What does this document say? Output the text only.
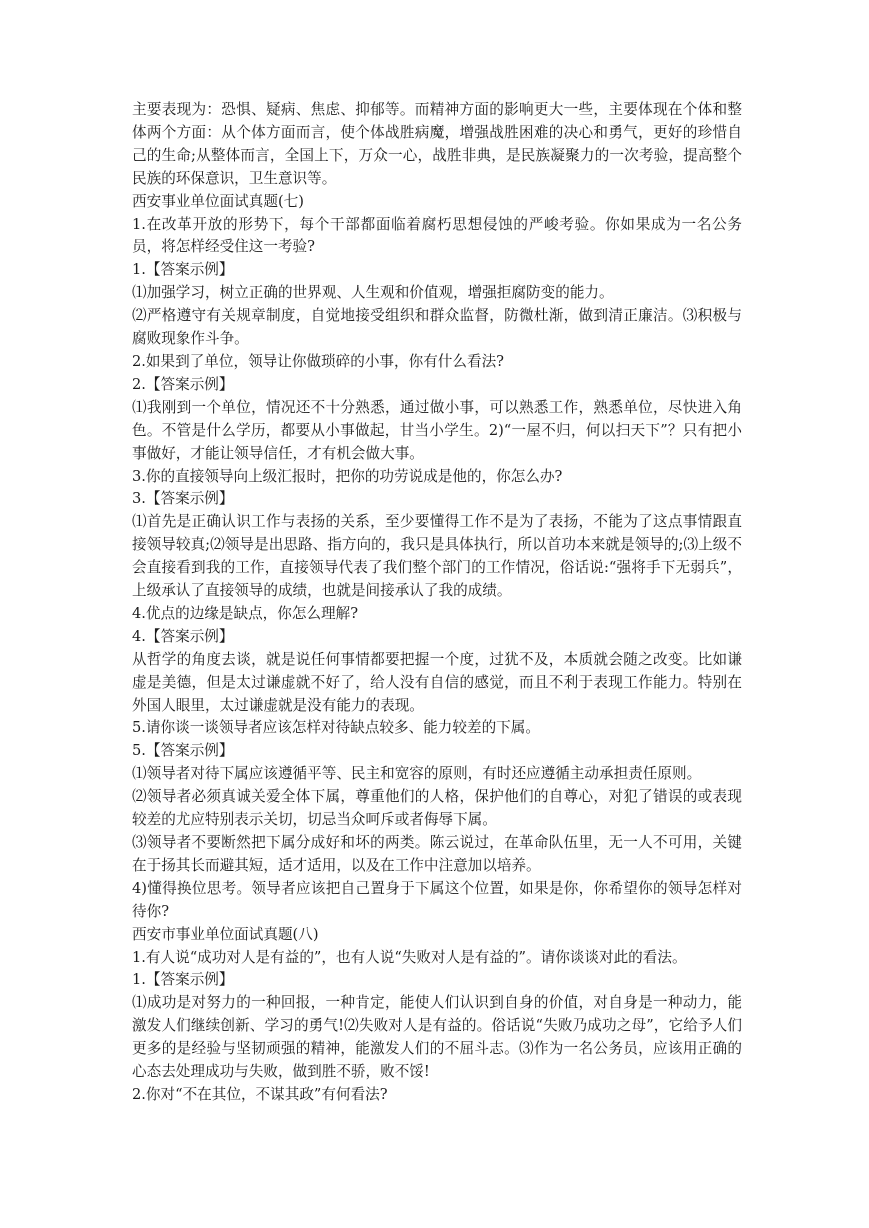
主要表现为：恐惧、疑病、焦虑、抑郁等。而精神方面的影响更大一些，主要体现在个体和整体两个方面：从个体方面而言，使个体战胜病魔，增强战胜困难的决心和勇气，更好的珍惜自己的生命;从整体而言，全国上下，万众一心，战胜非典，是民族凝聚力的一次考验，提高整个民族的环保意识，卫生意识等。

西安事业单位面试真题(七)

1.在改革开放的形势下，每个干部都面临着腐朽思想侵蚀的严峻考验。你如果成为一名公务员，将怎样经受住这一考验?

1.【答案示例】

⑴加强学习，树立正确的世界观、人生观和价值观，增强拒腐防变的能力。

⑵严格遵守有关规章制度，自觉地接受组织和群众监督，防微杜渐，做到清正廉洁。⑶积极与腐败现象作斗争。

2.如果到了单位，领导让你做琐碎的小事，你有什么看法?

2.【答案示例】

⑴我刚到一个单位，情况还不十分熟悉，通过做小事，可以熟悉工作，熟悉单位，尽快进入角色。不管是什么学历，都要从小事做起，甘当小学生。2)“一屋不归，何以扫天下”？只有把小事做好，才能让领导信任，才有机会做大事。

3.你的直接领导向上级汇报时，把你的功劳说成是他的，你怎么办?

3.【答案示例】

⑴首先是正确认识工作与表扬的关系，至少要懂得工作不是为了表扬，不能为了这点事情跟直接领导较真;⑵领导是出思路、指方向的，我只是具体执行，所以首功本来就是领导的;⑶上级不会直接看到我的工作，直接领导代表了我们整个部门的工作情况，俗话说:“强将手下无弱兵”，上级承认了直接领导的成绩，也就是间接承认了我的成绩。

4.优点的边缘是缺点，你怎么理解?

4.【答案示例】

从哲学的角度去谈，就是说任何事情都要把握一个度，过犹不及，本质就会随之改变。比如谦虚是美德，但是太过谦虚就不好了，给人没有自信的感觉，而且不利于表现工作能力。特别在外国人眼里，太过谦虚就是没有能力的表现。

5.请你谈一谈领导者应该怎样对待缺点较多、能力较差的下属。

5.【答案示例】

⑴领导者对待下属应该遵循平等、民主和宽容的原则，有时还应遵循主动承担责任原则。

⑵领导者必须真诚关爱全体下属，尊重他们的人格，保护他们的自尊心，对犯了错误的或表现较差的尤应特别表示关切，切忌当众呵斥或者侮辱下属。

⑶领导者不要断然把下属分成好和坏的两类。陈云说过，在革命队伍里，无一人不可用，关键在于扬其长而避其短，适才适用，以及在工作中注意加以培养。

4)懂得换位思考。领导者应该把自己置身于下属这个位置，如果是你，你希望你的领导怎样对待你?

西安市事业单位面试真题(八)

1.有人说“成功对人是有益的”，也有人说“失败对人是有益的”。请你谈谈对此的看法。

1.【答案示例】

⑴成功是对努力的一种回报，一种肯定，能使人们认识到自身的价值，对自身是一种动力，能激发人们继续创新、学习的勇气!⑵失败对人是有益的。俗话说“失败乃成功之母”，它给予人们更多的是经验与坚韧顽强的精神，能激发人们的不屈斗志。⑶作为一名公务员，应该用正确的心态去处理成功与失败，做到胜不骄，败不馁!

2.你对“不在其位，不谋其政”有何看法?
